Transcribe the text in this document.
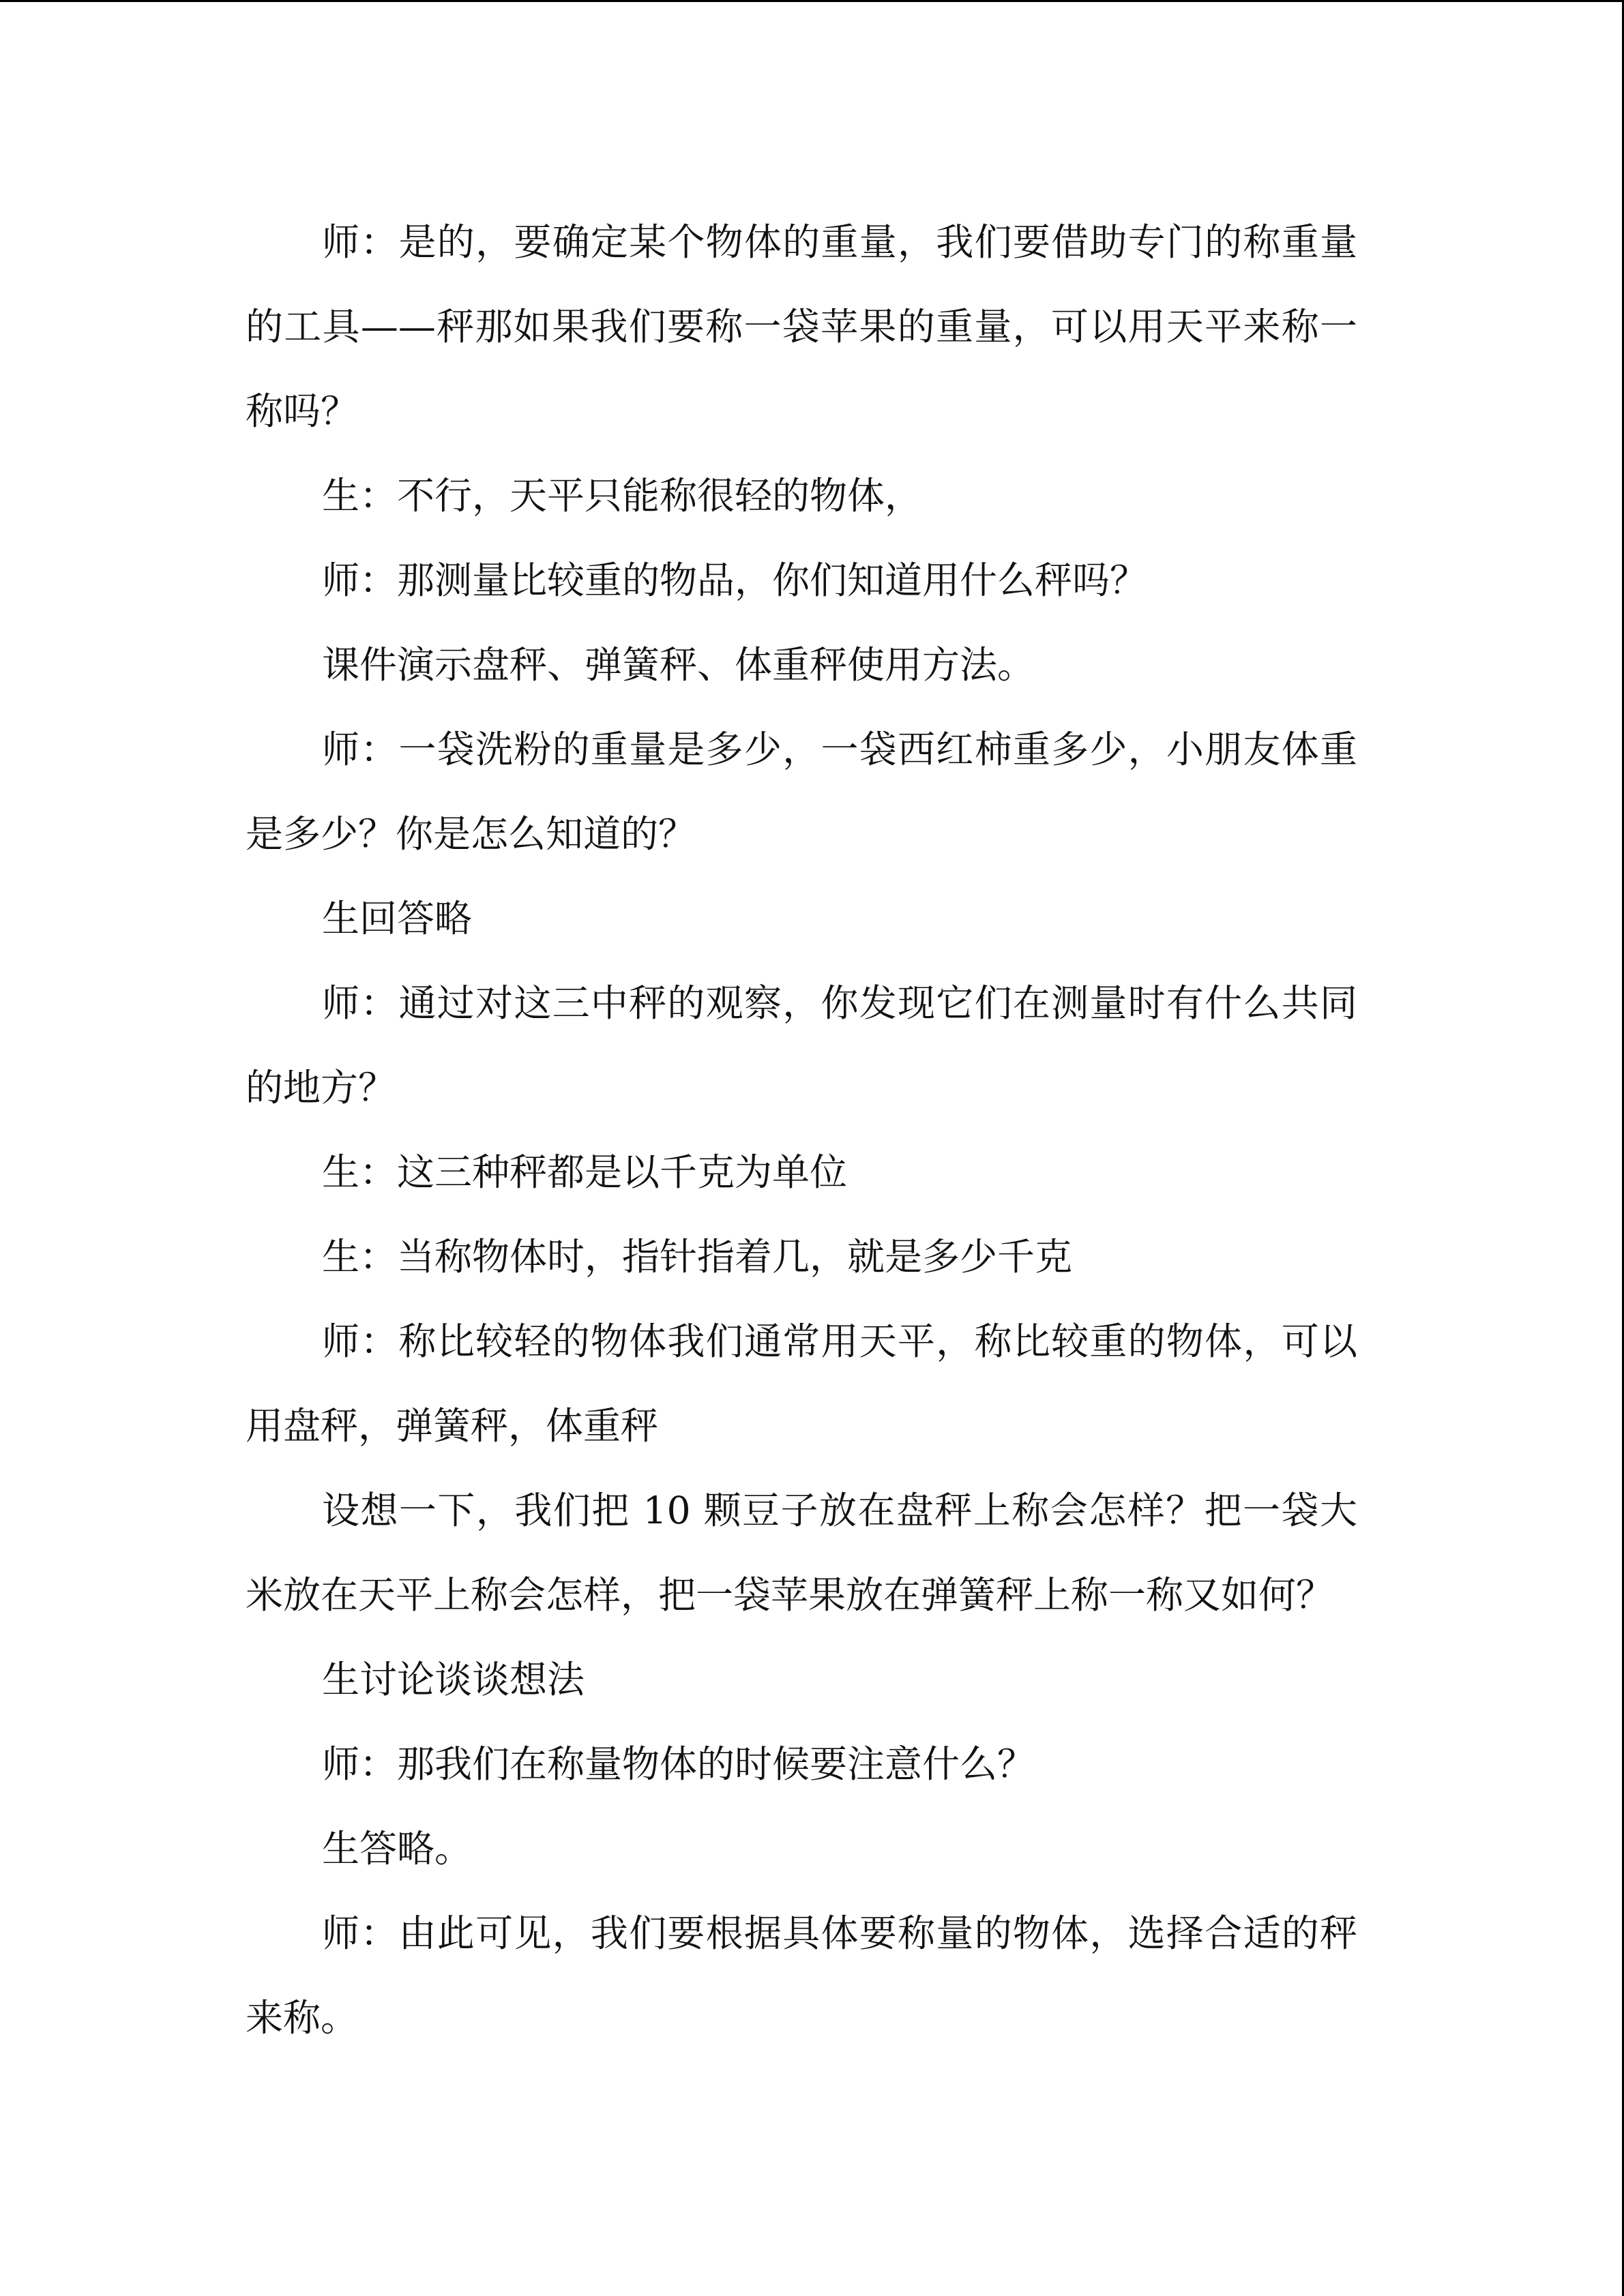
师：是的，要确定某个物体的重量，我们要借助专门的称重量的工具——秤那如果我们要称一袋苹果的重量，可以用天平来称一称吗？

生：不行，天平只能称很轻的物体，

师：那测量比较重的物品，你们知道用什么秤吗？

课件演示盘秤、弹簧秤、体重秤使用方法。

师：一袋洗粉的重量是多少，一袋西红柿重多少，小朋友体重是多少？你是怎么知道的？

生回答略

师：通过对这三中秤的观察，你发现它们在测量时有什么共同的地方？

生：这三种秤都是以千克为单位

生：当称物体时，指针指着几，就是多少千克

师：称比较轻的物体我们通常用天平，称比较重的物体，可以用盘秤，弹簧秤，体重秤

设想一下，我们把 10 颗豆子放在盘秤上称会怎样？把一袋大米放在天平上称会怎样，把一袋苹果放在弹簧秤上称一称又如何？

生讨论谈谈想法

师：那我们在称量物体的时候要注意什么？

生答略。

师：由此可见，我们要根据具体要称量的物体，选择合适的秤来称。
